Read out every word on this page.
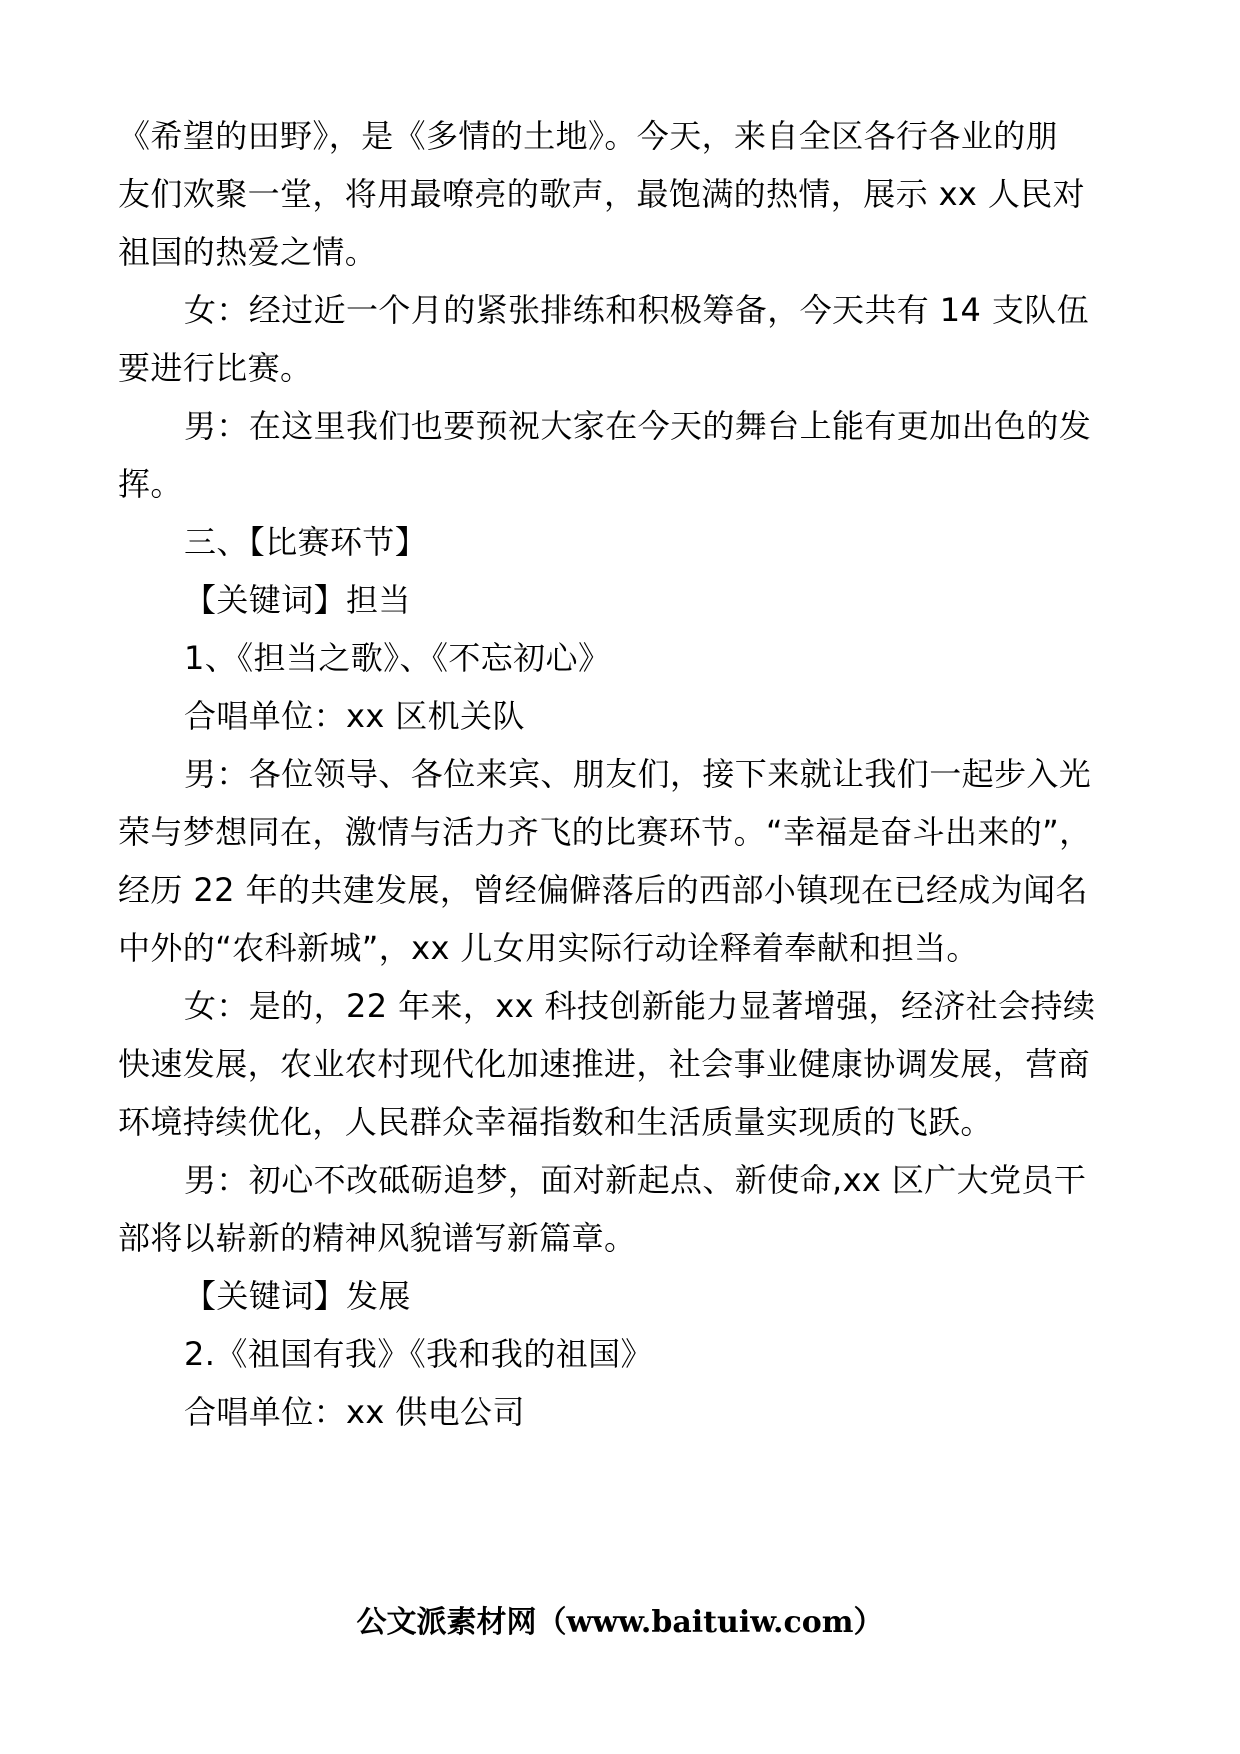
《希望的田野》，是《多情的土地》。今天，来自全区各行各业的朋
友们欢聚一堂，将用最嘹亮的歌声，最饱满的热情，展示 xx 人民对
祖国的热爱之情。
女：经过近一个月的紧张排练和积极筹备，今天共有 14 支队伍
要进行比赛。
男：在这里我们也要预祝大家在今天的舞台上能有更加出色的发
挥。
三、【比赛环节】
【关键词】担当
1、《担当之歌》、《不忘初心》
合唱单位：xx 区机关队
男：各位领导、各位来宾、朋友们，接下来就让我们一起步入光
荣与梦想同在，激情与活力齐飞的比赛环节。“幸福是奋斗出来的”，
经历 22 年的共建发展，曾经偏僻落后的西部小镇现在已经成为闻名
中外的“农科新城”，xx 儿女用实际行动诠释着奉献和担当。
女：是的，22 年来，xx 科技创新能力显著增强，经济社会持续
快速发展，农业农村现代化加速推进，社会事业健康协调发展，营商
环境持续优化，人民群众幸福指数和生活质量实现质的飞跃。
男：初心不改砥砺追梦，面对新起点、新使命,xx 区广大党员干
部将以崭新的精神风貌谱写新篇章。
【关键词】发展
2.《祖国有我》《我和我的祖国》
合唱单位：xx 供电公司
公文派素材网（www.baituiw.com）
